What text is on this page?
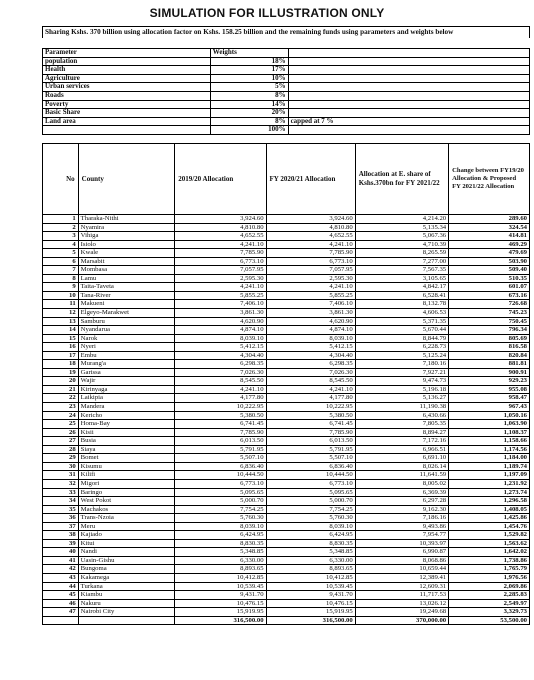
SIMULATION FOR ILLUSTRATION ONLY
Sharing Kshs. 370 billion using allocation factor on Kshs. 158.25 billion and the remaining funds using parameters and weights below
Parameter	Weights	
population	18%	
Health	17%	
Agriculture	10%	
Urban services	5%	
Roads	8%	
Poverty	14%	
Basic Share	20%	
Land area	8%	capped at 7 %
	100%	
No	County	2019/20 Allocation	FY 2020/21 Allocation	Allocation at E. share of Kshs.370bn for FY 2021/22	Change between FY19/20 Allocation & Proposed FY 2021/22 Allocation
1	Tharaka-Nithi	3,924.60	3,924.60	4,214.20	289.60
2	Nyamira	4,810.80	4,810.80	5,135.34	324.54
3	Vihiga	4,652.55	4,652.55	5,067.36	414.81
4	Isiolo	4,241.10	4,241.10	4,710.39	469.29
5	Kwale	7,785.90	7,785.90	8,265.59	479.69
6	Marsabit	6,773.10	6,773.10	7,277.00	503.90
7	Mombasa	7,057.95	7,057.95	7,567.35	509.40
8	Lamu	2,595.30	2,595.30	3,105.65	510.35
9	Taita-Taveta	4,241.10	4,241.10	4,842.17	601.07
10	Tana-River	5,855.25	5,855.25	6,528.41	673.16
11	Makueni	7,406.10	7,406.10	8,132.78	726.68
12	Elgeyo-Marakwet	3,861.30	3,861.30	4,606.53	745.23
13	Samburu	4,620.90	4,620.90	5,371.35	750.45
14	Nyandarua	4,874.10	4,874.10	5,670.44	796.34
15	Narok	8,039.10	8,039.10	8,844.79	805.69
16	Nyeri	5,412.15	5,412.15	6,228.73	816.58
17	Embu	4,304.40	4,304.40	5,125.24	820.84
18	Murang'a	6,298.35	6,298.35	7,180.16	881.81
19	Garissa	7,026.30	7,026.30	7,927.21	900.91
20	Wajir	8,545.50	8,545.50	9,474.73	929.23
21	Kirinyaga	4,241.10	4,241.10	5,196.18	955.08
22	Laikipia	4,177.80	4,177.80	5,136.27	958.47
23	Mandera	10,222.95	10,222.95	11,190.38	967.43
24	Kericho	5,380.50	5,380.50	6,430.66	1,050.16
25	Homa-Bay	6,741.45	6,741.45	7,805.35	1,063.90
26	Kisii	7,785.90	7,785.90	8,894.27	1,108.37
27	Busia	6,013.50	6,013.50	7,172.16	1,158.66
28	Siaya	5,791.95	5,791.95	6,966.51	1,174.56
29	Bomet	5,507.10	5,507.10	6,691.10	1,184.00
30	Kisumu	6,836.40	6,836.40	8,026.14	1,189.74
31	Kilifi	10,444.50	10,444.50	11,641.59	1,197.09
32	Migori	6,773.10	6,773.10	8,005.02	1,231.92
33	Baringo	5,095.65	5,095.65	6,369.39	1,273.74
34	West Pokot	5,000.70	5,000.70	6,297.28	1,296.58
35	Machakos	7,754.25	7,754.25	9,162.30	1,408.05
36	Trans-Nzoia	5,760.30	5,760.30	7,186.16	1,425.86
37	Meru	8,039.10	8,039.10	9,493.86	1,454.76
38	Kajiado	6,424.95	6,424.95	7,954.77	1,529.82
39	Kitui	8,830.35	8,830.35	10,393.97	1,563.62
40	Nandi	5,348.85	5,348.85	6,990.87	1,642.02
41	Uasin-Gishu	6,330.00	6,330.00	8,068.86	1,738.86
42	Bungoma	8,893.65	8,893.65	10,659.44	1,765.79
43	Kakamega	10,412.85	10,412.85	12,389.41	1,976.56
44	Turkana	10,539.45	10,539.45	12,609.31	2,069.86
45	Kiambu	9,431.70	9,431.70	11,717.53	2,285.83
46	Nakuru	10,476.15	10,476.15	13,026.12	2,549.97
47	Nairobi City	15,919.95	15,919.95	19,249.68	3,329.73
		316,500.00	316,500.00	370,000.00	53,500.00
